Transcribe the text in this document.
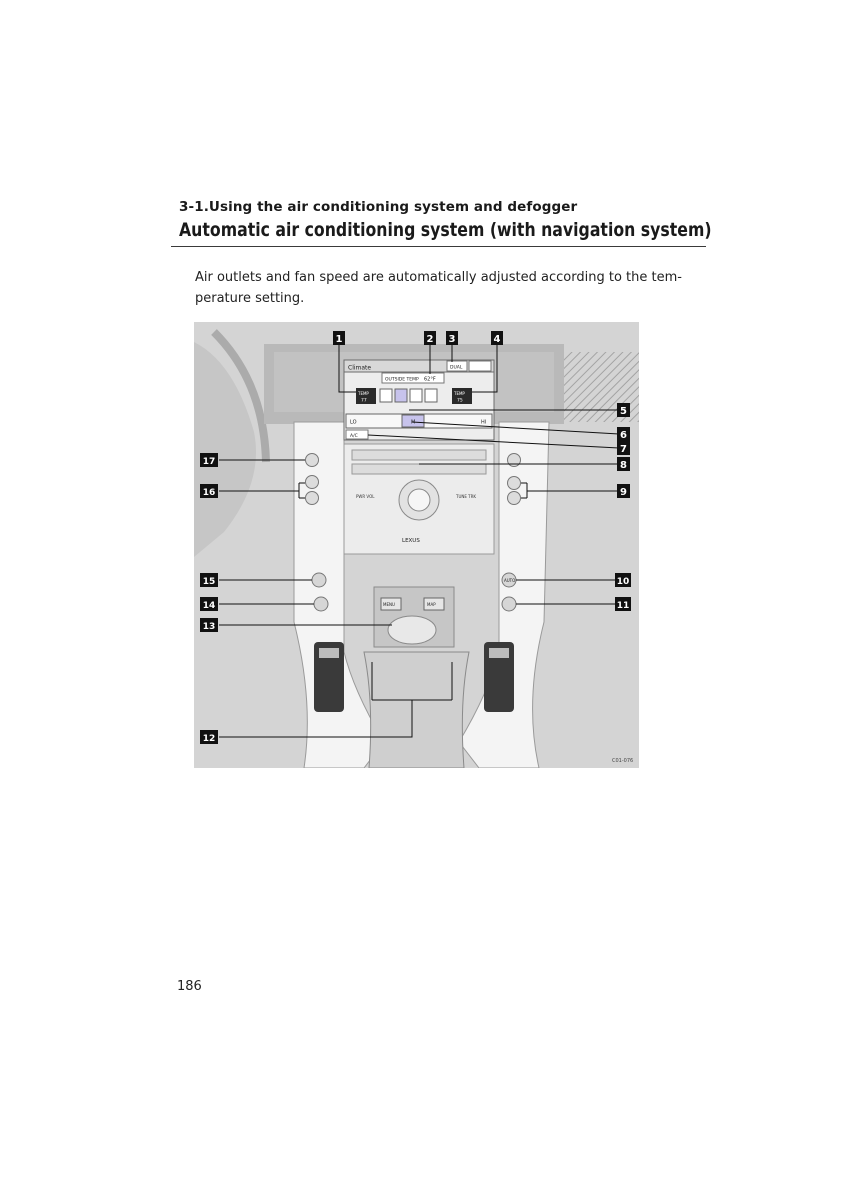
3-1.Using the air conditioning system and defogger
Automatic air conditioning system (with navigation system)
Air outlets and fan speed are automatically adjusted according to the tem-
perature setting.
Climate
OUTSIDE TEMP 62°F
DUAL
TEMP
77
TEMP
75
LO	M	HI
A/C
PWR VOL	TUNE TRK
LEXUS
AUTO
MENU	MAP
1	2 3	4
5
6
7
8
9
10
11
12
13
14
15
16
17
C01-076
186
